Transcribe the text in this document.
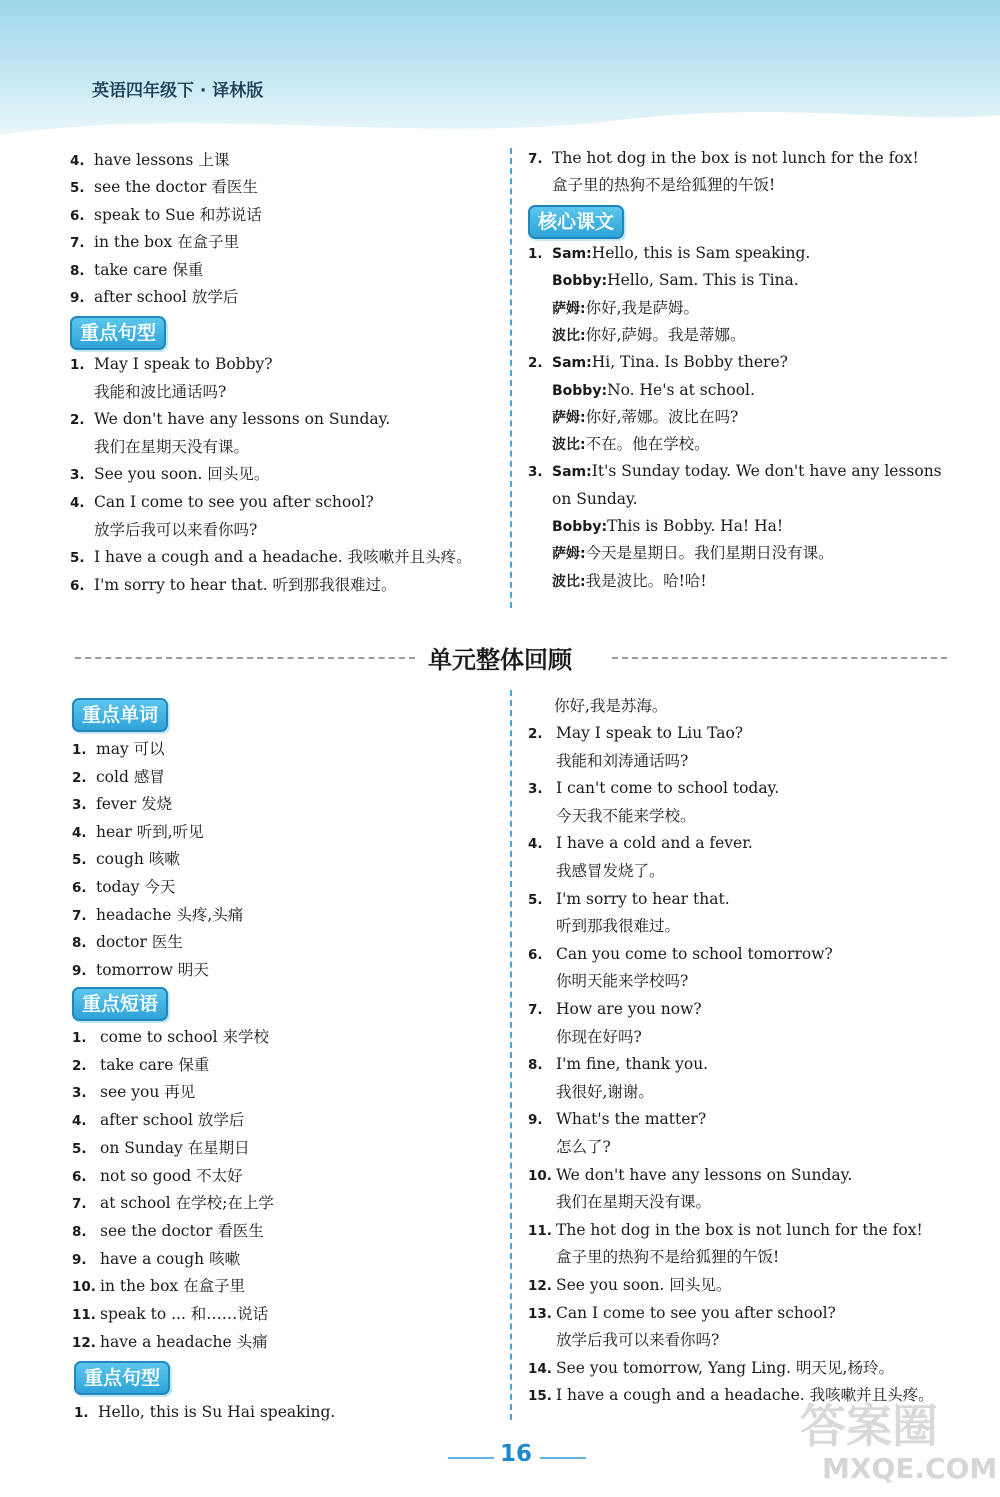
英语四年级下 · 译林版
重点句型
核心课文
单元整体回顾
重点单词
重点短语
重点句型
1. Hello, this is Su Hai speaking.
你好,我是苏海。
16
答案圈
MXQE.COM
4. have lessons 上课
5. see the doctor 看医生
6. speak to Sue 和苏说话
7. in the box 在盒子里
8. take care 保重
9. after school 放学后
1. May I speak to Bobby?
我能和波比通话吗?
2. We don't have any lessons on Sunday.
我们在星期天没有课。
3. See you soon. 回头见。
4. Can I come to see you after school?
放学后我可以来看你吗?
5. I have a cough and a headache. 我咳嗽并且头疼。
6. I'm sorry to hear that. 听到那我很难过。
7. The hot dog in the box is not lunch for the fox!
盒子里的热狗不是给狐狸的午饭!
1. Sam:Hello, this is Sam speaking.
Bobby:Hello, Sam. This is Tina.
萨姆:你好,我是萨姆。
波比:你好,萨姆。我是蒂娜。
2. Sam:Hi, Tina. Is Bobby there?
Bobby:No. He's at school.
萨姆:你好,蒂娜。波比在吗?
波比:不在。他在学校。
3. Sam:It's Sunday today. We don't have any lessons
on Sunday.
Bobby:This is Bobby. Ha! Ha!
萨姆:今天是星期日。我们星期日没有课。
波比:我是波比。哈!哈!
1. may 可以
2. cold 感冒
3. fever 发烧
4. hear 听到,听见
5. cough 咳嗽
6. today 今天
7. headache 头疼,头痛
8. doctor 医生
9. tomorrow 明天
1. come to school 来学校
2. take care 保重
3. see you 再见
4. after school 放学后
5. on Sunday 在星期日
6. not so good 不太好
7. at school 在学校;在上学
8. see the doctor 看医生
9. have a cough 咳嗽
10. in the box 在盒子里
11. speak to ... 和……说话
12. have a headache 头痛
2. May I speak to Liu Tao?
我能和刘涛通话吗?
3. I can't come to school today.
今天我不能来学校。
4. I have a cold and a fever.
我感冒发烧了。
5. I'm sorry to hear that.
听到那我很难过。
6. Can you come to school tomorrow?
你明天能来学校吗?
7. How are you now?
你现在好吗?
8. I'm fine, thank you.
我很好,谢谢。
9. What's the matter?
怎么了?
10. We don't have any lessons on Sunday.
我们在星期天没有课。
11. The hot dog in the box is not lunch for the fox!
盒子里的热狗不是给狐狸的午饭!
12. See you soon. 回头见。
13. Can I come to see you after school?
放学后我可以来看你吗?
14. See you tomorrow, Yang Ling. 明天见,杨玲。
15. I have a cough and a headache. 我咳嗽并且头疼。
